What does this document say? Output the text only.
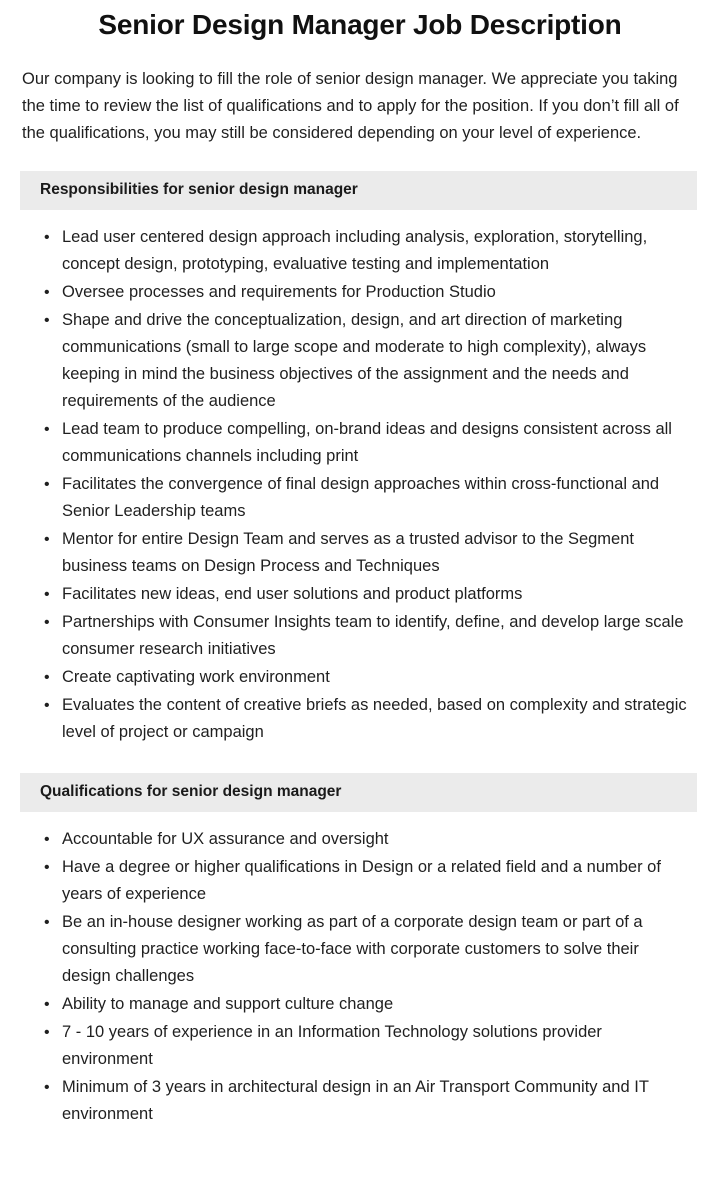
Senior Design Manager Job Description

Our company is looking to fill the role of senior design manager. We appreciate you taking the time to review the list of qualifications and to apply for the position. If you don’t fill all of the qualifications, you may still be considered depending on your level of experience.

Responsibilities for senior design manager
• Lead user centered design approach including analysis, exploration, storytelling, concept design, prototyping, evaluative testing and implementation
• Oversee processes and requirements for Production Studio
• Shape and drive the conceptualization, design, and art direction of marketing communications (small to large scope and moderate to high complexity), always keeping in mind the business objectives of the assignment and the needs and requirements of the audience
• Lead team to produce compelling, on-brand ideas and designs consistent across all communications channels including print
• Facilitates the convergence of final design approaches within cross-functional and Senior Leadership teams
• Mentor for entire Design Team and serves as a trusted advisor to the Segment business teams on Design Process and Techniques
• Facilitates new ideas, end user solutions and product platforms
• Partnerships with Consumer Insights team to identify, define, and develop large scale consumer research initiatives
• Create captivating work environment
• Evaluates the content of creative briefs as needed, based on complexity and strategic level of project or campaign
Qualifications for senior design manager
• Accountable for UX assurance and oversight
• Have a degree or higher qualifications in Design or a related field and a number of years of experience
• Be an in-house designer working as part of a corporate design team or part of a consulting practice working face-to-face with corporate customers to solve their design challenges
• Ability to manage and support culture change
• 7 - 10 years of experience in an Information Technology solutions provider environment
• Minimum of 3 years in architectural design in an Air Transport Community and IT environment
